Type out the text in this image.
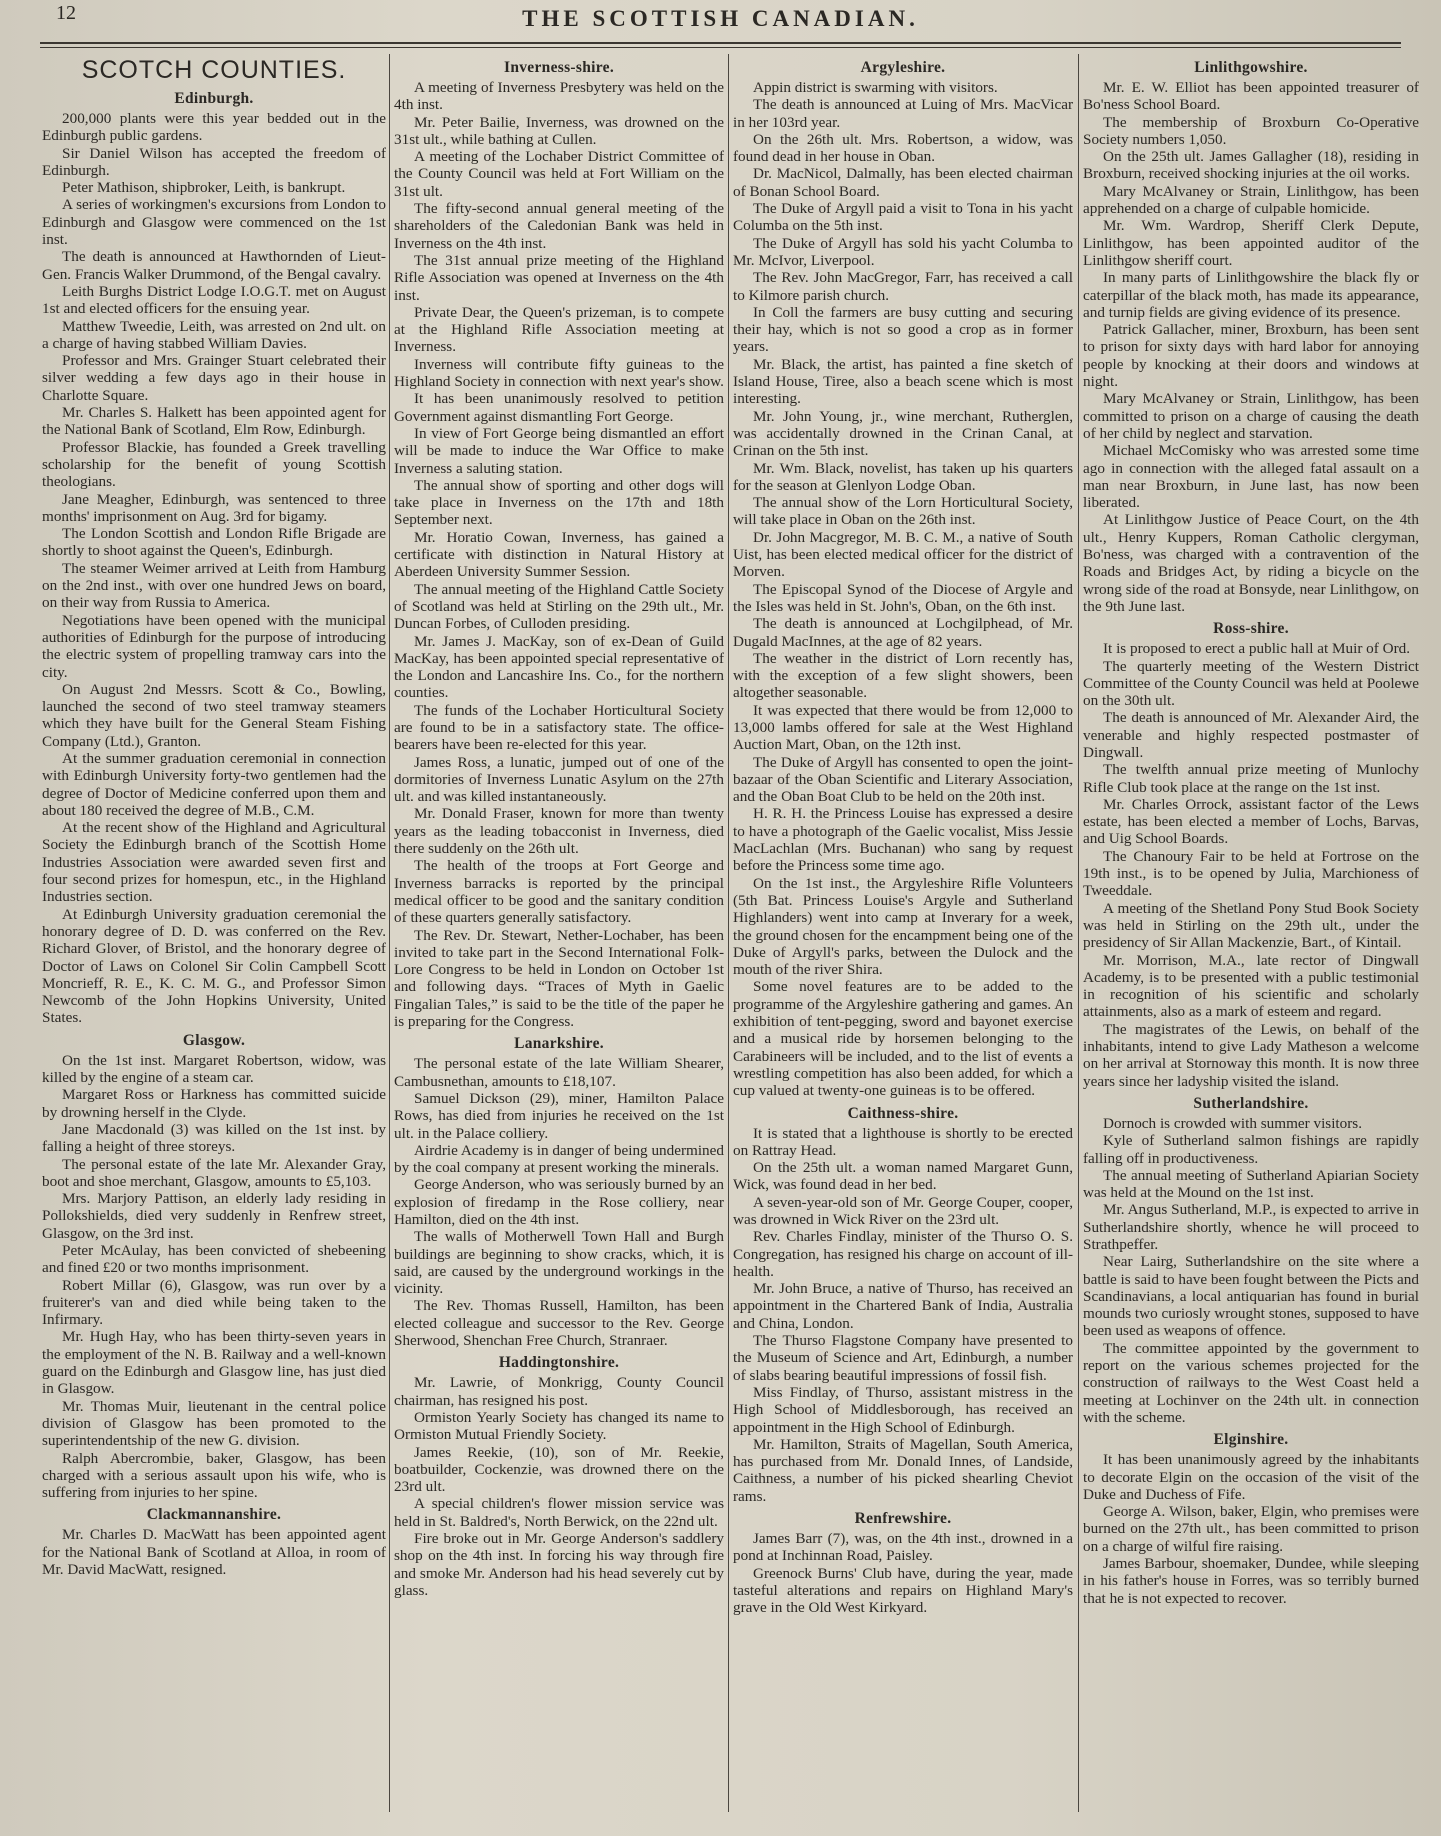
THE SCOTTISH CANADIAN.
12
SCOTCH COUNTIES.
Edinburgh.

200,000 plants were this year bedded out in the Edinburgh public gardens.

Sir Daniel Wilson has accepted the freedom of Edinburgh.

Peter Mathison, shipbroker, Leith, is bankrupt.

A series of workingmen's excursions from London to Edinburgh and Glasgow were commenced on the 1st inst.

The death is announced at Hawthornden of Lieut-Gen. Francis Walker Drummond, of the Bengal cavalry.

Leith Burghs District Lodge I.O.G.T. met on August 1st and elected officers for the ensuing year.

Matthew Tweedie, Leith, was arrested on 2nd ult. on a charge of having stabbed William Davies.

Professor and Mrs. Grainger Stuart celebrated their silver wedding a few days ago in their house in Charlotte Square.

Mr. Charles S. Halkett has been appointed agent for the National Bank of Scotland, Elm Row, Edinburgh.

Professor Blackie, has founded a Greek travelling scholarship for the benefit of young Scottish theologians.

Jane Meagher, Edinburgh, was sentenced to three months' imprisonment on Aug. 3rd for bigamy.

The London Scottish and London Rifle Brigade are shortly to shoot against the Queen's, Edinburgh.

The steamer Weimer arrived at Leith from Hamburg on the 2nd inst., with over one hundred Jews on board, on their way from Russia to America.

Negotiations have been opened with the municipal authorities of Edinburgh for the purpose of introducing the electric system of propelling tramway cars into the city.

On August 2nd Messrs. Scott & Co., Bowling, launched the second of two steel tramway steamers which they have built for the General Steam Fishing Company (Ltd.), Granton.

At the summer graduation ceremonial in connection with Edinburgh University forty-two gentlemen had the degree of Doctor of Medicine conferred upon them and about 180 received the degree of M.B., C.M.

At the recent show of the Highland and Agricultural Society the Edinburgh branch of the Scottish Home Industries Association were awarded seven first and four second prizes for homespun, etc., in the Highland Industries section.

At Edinburgh University graduation ceremonial the honorary degree of D. D. was conferred on the Rev. Richard Glover, of Bristol, and the honorary degree of Doctor of Laws on Colonel Sir Colin Campbell Scott Moncrieff, R. E., K. C. M. G., and Professor Simon Newcomb of the John Hopkins University, United States.

Glasgow.

On the 1st inst. Margaret Robertson, widow, was killed by the engine of a steam car.

Margaret Ross or Harkness has committed suicide by drowning herself in the Clyde.

Jane Macdonald (3) was killed on the 1st inst. by falling a height of three storeys.

The personal estate of the late Mr. Alexander Gray, boot and shoe merchant, Glasgow, amounts to £5,103.

Mrs. Marjory Pattison, an elderly lady residing in Pollokshields, died very suddenly in Renfrew street, Glasgow, on the 3rd inst.

Peter McAulay, has been convicted of shebeening and fined £20 or two months imprisonment.

Robert Millar (6), Glasgow, was run over by a fruiterer's van and died while being taken to the Infirmary.

Mr. Hugh Hay, who has been thirty-seven years in the employment of the N. B. Railway and a well-known guard on the Edinburgh and Glasgow line, has just died in Glasgow.

Mr. Thomas Muir, lieutenant in the central police division of Glasgow has been promoted to the superintendentship of the new G. division.

Ralph Abercrombie, baker, Glasgow, has been charged with a serious assault upon his wife, who is suffering from injuries to her spine.

Clackmannanshire.

Mr. Charles D. MacWatt has been appointed agent for the National Bank of Scotland at Alloa, in room of Mr. David MacWatt, resigned.

Inverness-shire.

A meeting of Inverness Presbytery was held on the 4th inst.

Mr. Peter Bailie, Inverness, was drowned on the 31st ult., while bathing at Cullen.

A meeting of the Lochaber District Committee of the County Council was held at Fort William on the 31st ult.

The fifty-second annual general meeting of the shareholders of the Caledonian Bank was held in Inverness on the 4th inst.

The 31st annual prize meeting of the Highland Rifle Association was opened at Inverness on the 4th inst.

Private Dear, the Queen's prizeman, is to compete at the Highland Rifle Association meeting at Inverness.

Inverness will contribute fifty guineas to the Highland Society in connection with next year's show.

It has been unanimously resolved to petition Government against dismantling Fort George.

In view of Fort George being dismantled an effort will be made to induce the War Office to make Inverness a saluting station.

The annual show of sporting and other dogs will take place in Inverness on the 17th and 18th September next.

Mr. Horatio Cowan, Inverness, has gained a certificate with distinction in Natural History at Aberdeen University Summer Session.

The annual meeting of the Highland Cattle Society of Scotland was held at Stirling on the 29th ult., Mr. Duncan Forbes, of Culloden presiding.

Mr. James J. MacKay, son of ex-Dean of Guild MacKay, has been appointed special representative of the London and Lancashire Ins. Co., for the northern counties.

The funds of the Lochaber Horticultural Society are found to be in a satisfactory state. The office-bearers have been re-elected for this year.

James Ross, a lunatic, jumped out of one of the dormitories of Inverness Lunatic Asylum on the 27th ult. and was killed instantaneously.

Mr. Donald Fraser, known for more than twenty years as the leading tobacconist in Inverness, died there suddenly on the 26th ult.

The health of the troops at Fort George and Inverness barracks is reported by the principal medical officer to be good and the sanitary condition of these quarters generally satisfactory.

The Rev. Dr. Stewart, Nether-Lochaber, has been invited to take part in the Second International Folk-Lore Congress to be held in London on October 1st and following days. “Traces of Myth in Gaelic Fingalian Tales,” is said to be the title of the paper he is preparing for the Congress.

Lanarkshire.

The personal estate of the late William Shearer, Cambusnethan, amounts to £18,107.

Samuel Dickson (29), miner, Hamilton Palace Rows, has died from injuries he received on the 1st ult. in the Palace colliery.

Airdrie Academy is in danger of being undermined by the coal company at present working the minerals.

George Anderson, who was seriously burned by an explosion of firedamp in the Rose colliery, near Hamilton, died on the 4th inst.

The walls of Motherwell Town Hall and Burgh buildings are beginning to show cracks, which, it is said, are caused by the underground workings in the vicinity.

The Rev. Thomas Russell, Hamilton, has been elected colleague and successor to the Rev. George Sherwood, Shenchan Free Church, Stranraer.

Haddingtonshire.

Mr. Lawrie, of Monkrigg, County Council chairman, has resigned his post.

Ormiston Yearly Society has changed its name to Ormiston Mutual Friendly Society.

James Reekie, (10), son of Mr. Reekie, boatbuilder, Cockenzie, was drowned there on the 23rd ult.

A special children's flower mission service was held in St. Baldred's, North Berwick, on the 22nd ult.

Fire broke out in Mr. George Anderson's saddlery shop on the 4th inst. In forcing his way through fire and smoke Mr. Anderson had his head severely cut by glass.

Argyleshire.

Appin district is swarming with visitors.

The death is announced at Luing of Mrs. MacVicar in her 103rd year.

On the 26th ult. Mrs. Robertson, a widow, was found dead in her house in Oban.

Dr. MacNicol, Dalmally, has been elected chairman of Bonan School Board.

The Duke of Argyll paid a visit to Tona in his yacht Columba on the 5th inst.

The Duke of Argyll has sold his yacht Columba to Mr. McIvor, Liverpool.

The Rev. John MacGregor, Farr, has received a call to Kilmore parish church.

In Coll the farmers are busy cutting and securing their hay, which is not so good a crop as in former years.

Mr. Black, the artist, has painted a fine sketch of Island House, Tiree, also a beach scene which is most interesting.

Mr. John Young, jr., wine merchant, Rutherglen, was accidentally drowned in the Crinan Canal, at Crinan on the 5th inst.

Mr. Wm. Black, novelist, has taken up his quarters for the season at Glenlyon Lodge Oban.

The annual show of the Lorn Horticultural Society, will take place in Oban on the 26th inst.

Dr. John Macgregor, M. B. C. M., a native of South Uist, has been elected medical officer for the district of Morven.

The Episcopal Synod of the Diocese of Argyle and the Isles was held in St. John's, Oban, on the 6th inst.

The death is announced at Lochgilphead, of Mr. Dugald MacInnes, at the age of 82 years.

The weather in the district of Lorn recently has, with the exception of a few slight showers, been altogether seasonable.

It was expected that there would be from 12,000 to 13,000 lambs offered for sale at the West Highland Auction Mart, Oban, on the 12th inst.

The Duke of Argyll has consented to open the joint-bazaar of the Oban Scientific and Literary Association, and the Oban Boat Club to be held on the 20th inst.

H. R. H. the Princess Louise has expressed a desire to have a photograph of the Gaelic vocalist, Miss Jessie MacLachlan (Mrs. Buchanan) who sang by request before the Princess some time ago.

On the 1st inst., the Argyleshire Rifle Volunteers (5th Bat. Princess Louise's Argyle and Sutherland Highlanders) went into camp at Inverary for a week, the ground chosen for the encampment being one of the Duke of Argyll's parks, between the Dulock and the mouth of the river Shira.

Some novel features are to be added to the programme of the Argyleshire gathering and games. An exhibition of tent-pegging, sword and bayonet exercise and a musical ride by horsemen belonging to the Carabineers will be included, and to the list of events a wrestling competition has also been added, for which a cup valued at twenty-one guineas is to be offered.

Caithness-shire.

It is stated that a lighthouse is shortly to be erected on Rattray Head.

On the 25th ult. a woman named Margaret Gunn, Wick, was found dead in her bed.

A seven-year-old son of Mr. George Couper, cooper, was drowned in Wick River on the 23rd ult.

Rev. Charles Findlay, minister of the Thurso O. S. Congregation, has resigned his charge on account of ill-health.

Mr. John Bruce, a native of Thurso, has received an appointment in the Chartered Bank of India, Australia and China, London.

The Thurso Flagstone Company have presented to the Museum of Science and Art, Edinburgh, a number of slabs bearing beautiful impressions of fossil fish.

Miss Findlay, of Thurso, assistant mistress in the High School of Middlesborough, has received an appointment in the High School of Edinburgh.

Mr. Hamilton, Straits of Magellan, South America, has purchased from Mr. Donald Innes, of Landside, Caithness, a number of his picked shearling Cheviot rams.

Renfrewshire.

James Barr (7), was, on the 4th inst., drowned in a pond at Inchinnan Road, Paisley.

Greenock Burns' Club have, during the year, made tasteful alterations and repairs on Highland Mary's grave in the Old West Kirkyard.

Linlithgowshire.

Mr. E. W. Elliot has been appointed treasurer of Bo'ness School Board.

The membership of Broxburn Co-Operative Society numbers 1,050.

On the 25th ult. James Gallagher (18), residing in Broxburn, received shocking injuries at the oil works.

Mary McAlvaney or Strain, Linlithgow, has been apprehended on a charge of culpable homicide.

Mr. Wm. Wardrop, Sheriff Clerk Depute, Linlithgow, has been appointed auditor of the Linlithgow sheriff court.

In many parts of Linlithgowshire the black fly or caterpillar of the black moth, has made its appearance, and turnip fields are giving evidence of its presence.

Patrick Gallacher, miner, Broxburn, has been sent to prison for sixty days with hard labor for annoying people by knocking at their doors and windows at night.

Mary McAlvaney or Strain, Linlithgow, has been committed to prison on a charge of causing the death of her child by neglect and starvation.

Michael McComisky who was arrested some time ago in connection with the alleged fatal assault on a man near Broxburn, in June last, has now been liberated.

At Linlithgow Justice of Peace Court, on the 4th ult., Henry Kuppers, Roman Catholic clergyman, Bo'ness, was charged with a contravention of the Roads and Bridges Act, by riding a bicycle on the wrong side of the road at Bonsyde, near Linlithgow, on the 9th June last.

Ross-shire.

It is proposed to erect a public hall at Muir of Ord.

The quarterly meeting of the Western District Committee of the County Council was held at Poolewe on the 30th ult.

The death is announced of Mr. Alexander Aird, the venerable and highly respected postmaster of Dingwall.

The twelfth annual prize meeting of Munlochy Rifle Club took place at the range on the 1st inst.

Mr. Charles Orrock, assistant factor of the Lews estate, has been elected a member of Lochs, Barvas, and Uig School Boards.

The Chanoury Fair to be held at Fortrose on the 19th inst., is to be opened by Julia, Marchioness of Tweeddale.

A meeting of the Shetland Pony Stud Book Society was held in Stirling on the 29th ult., under the presidency of Sir Allan Mackenzie, Bart., of Kintail.

Mr. Morrison, M.A., late rector of Dingwall Academy, is to be presented with a public testimonial in recognition of his scientific and scholarly attainments, also as a mark of esteem and regard.

The magistrates of the Lewis, on behalf of the inhabitants, intend to give Lady Matheson a welcome on her arrival at Stornoway this month. It is now three years since her ladyship visited the island.

Sutherlandshire.

Dornoch is crowded with summer visitors.

Kyle of Sutherland salmon fishings are rapidly falling off in productiveness.

The annual meeting of Sutherland Apiarian Society was held at the Mound on the 1st inst.

Mr. Angus Sutherland, M.P., is expected to arrive in Sutherlandshire shortly, whence he will proceed to Strathpeffer.

Near Lairg, Sutherlandshire on the site where a battle is said to have been fought between the Picts and Scandinavians, a local antiquarian has found in burial mounds two curiosly wrought stones, supposed to have been used as weapons of offence.

The committee appointed by the government to report on the various schemes projected for the construction of railways to the West Coast held a meeting at Lochinver on the 24th ult. in connection with the scheme.

Elginshire.

It has been unanimously agreed by the inhabitants to decorate Elgin on the occasion of the visit of the Duke and Duchess of Fife.

George A. Wilson, baker, Elgin, who premises were burned on the 27th ult., has been committed to prison on a charge of wilful fire raising.

James Barbour, shoemaker, Dundee, while sleeping in his father's house in Forres, was so terribly burned that he is not expected to recover.
